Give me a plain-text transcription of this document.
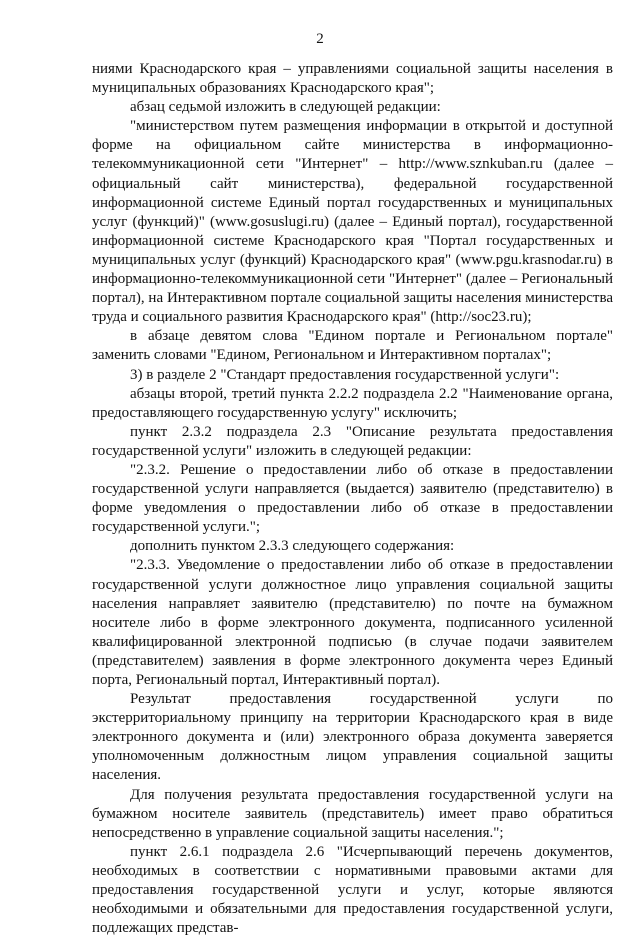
2

ниями Краснодарского края – управлениями социальной защиты населения в муниципальных образованиях Краснодарского края";

абзац седьмой изложить в следующей редакции:

"министерством путем размещения информации в открытой и доступной форме на официальном сайте министерства в информационно-телекоммуникационной сети "Интернет" – http://www.sznkuban.ru (далее – официальный сайт министерства), федеральной государственной информационной системе Единый портал государственных и муниципальных услуг (функций)" (www.gosuslugi.ru) (далее – Единый портал), государственной информационной системе Краснодарского края "Портал государственных и муниципальных услуг (функций) Краснодарского края" (www.pgu.krasnodar.ru) в информационно-телекоммуникационной сети "Интернет" (далее – Региональный портал), на Интерактивном портале социальной защиты населения министерства труда и социального развития Краснодарского края" (http://soc23.ru);

в абзаце девятом слова "Едином портале и Региональном портале" заменить словами "Едином, Региональном и Интерактивном порталах";

3) в разделе 2 "Стандарт предоставления государственной услуги":

абзацы второй, третий пункта 2.2.2 подраздела 2.2 "Наименование органа, предоставляющего государственную услугу" исключить;

пункт 2.3.2 подраздела 2.3 "Описание результата предоставления государственной услуги" изложить в следующей редакции:

"2.3.2. Решение о предоставлении либо об отказе в предоставлении государственной услуги направляется (выдается) заявителю (представителю) в форме уведомления о предоставлении либо об отказе в предоставлении государственной услуги.";

дополнить пунктом 2.3.3 следующего содержания:

"2.3.3. Уведомление о предоставлении либо об отказе в предоставлении государственной услуги должностное лицо управления социальной защиты населения направляет заявителю (представителю) по почте на бумажном носителе либо в форме электронного документа, подписанного усиленной квалифицированной электронной подписью (в случае подачи заявителем (представителем) заявления в форме электронного документа через Единый порта, Региональный портал, Интерактивный портал).

Результат предоставления государственной услуги по экстерриториальному принципу на территории Краснодарского края в виде электронного документа и (или) электронного образа документа заверяется уполномоченным должностным лицом управления социальной защиты населения.

Для получения результата предоставления государственной услуги на бумажном носителе заявитель (представитель) имеет право обратиться непосредственно в управление социальной защиты населения.";

пункт 2.6.1 подраздела 2.6 "Исчерпывающий перечень документов, необходимых в соответствии с нормативными правовыми актами для предоставления государственной услуги и услуг, которые являются необходимыми и обязательными для предоставления государственной услуги, подлежащих представ-
